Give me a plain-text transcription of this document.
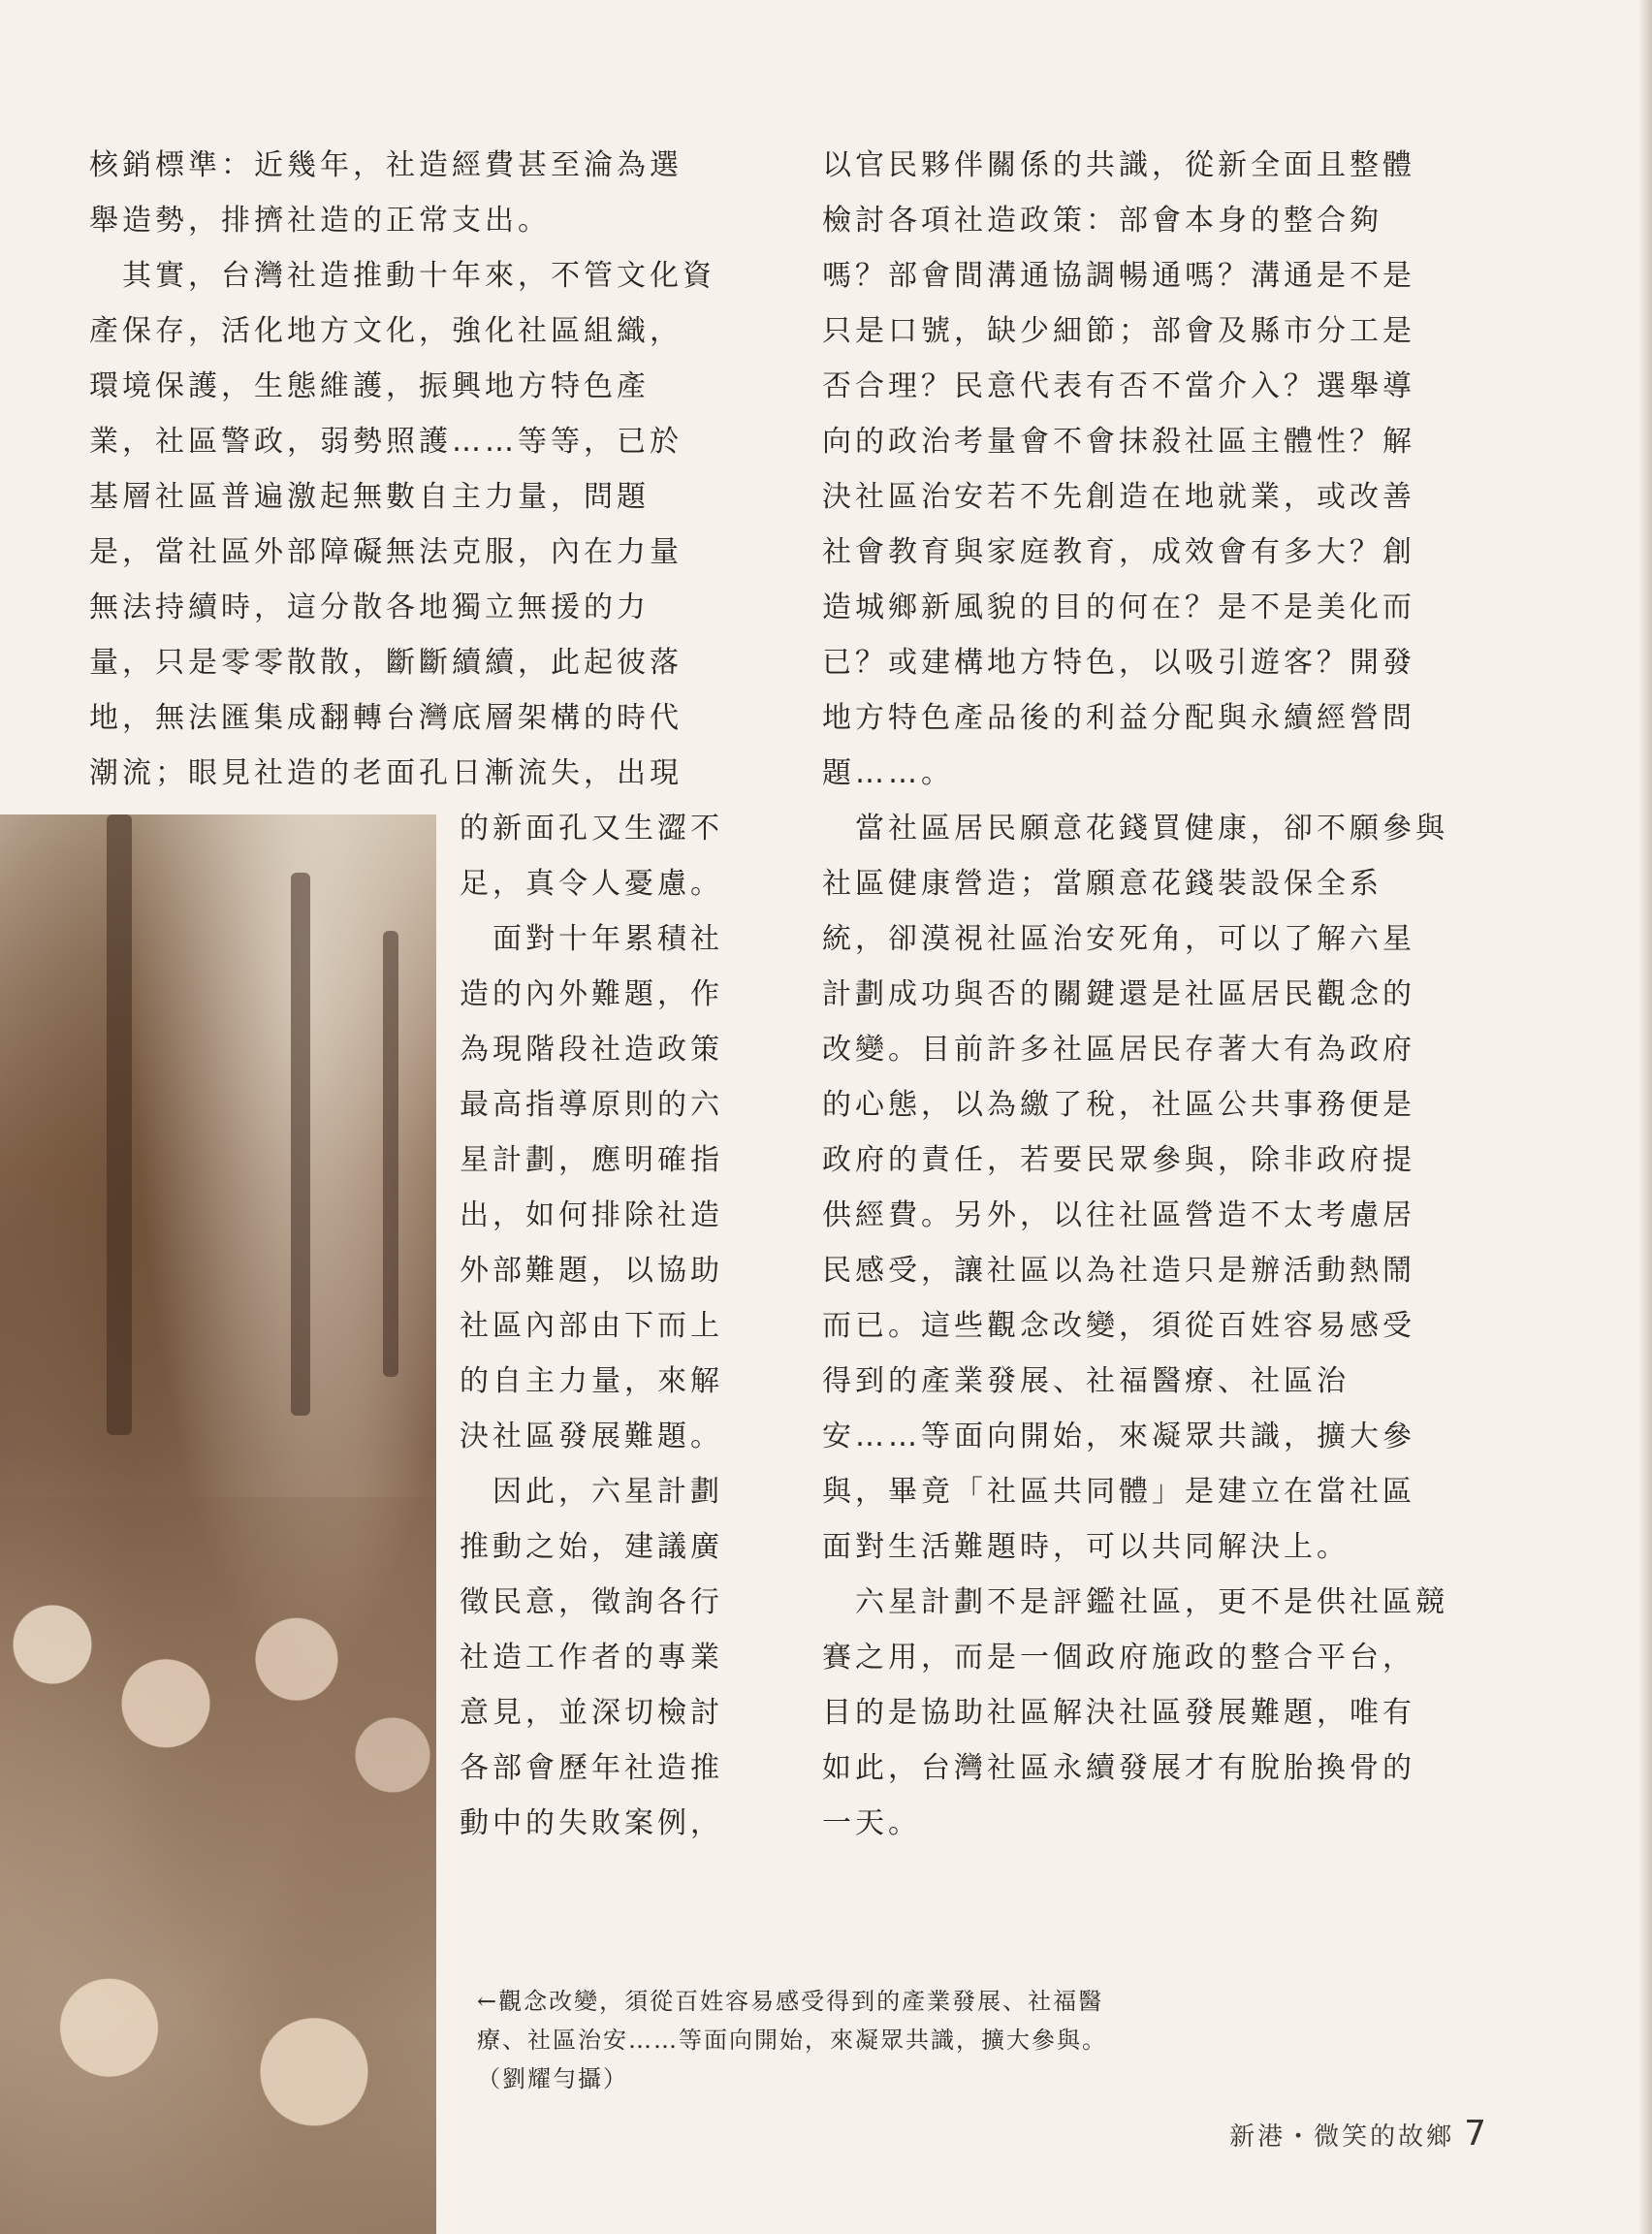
核銷標準：近幾年，社造經費甚至淪為選
舉造勢，排擠社造的正常支出。
　其實，台灣社造推動十年來，不管文化資
產保存，活化地方文化，強化社區組織，
環境保護，生態維護，振興地方特色產
業，社區警政，弱勢照護……等等，已於
基層社區普遍激起無數自主力量，問題
是，當社區外部障礙無法克服，內在力量
無法持續時，這分散各地獨立無援的力
量，只是零零散散，斷斷續續，此起彼落
地，無法匯集成翻轉台灣底層架構的時代
潮流；眼見社造的老面孔日漸流失，出現

的新面孔又生澀不
足，真令人憂慮。
　面對十年累積社
造的內外難題，作
為現階段社造政策
最高指導原則的六
星計劃，應明確指
出，如何排除社造
外部難題，以協助
社區內部由下而上
的自主力量，來解
決社區發展難題。
　因此，六星計劃
推動之始，建議廣
徵民意，徵詢各行
社造工作者的專業
意見，並深切檢討
各部會歷年社造推
動中的失敗案例，

以官民夥伴關係的共識，從新全面且整體
檢討各項社造政策：部會本身的整合夠
嗎？部會間溝通協調暢通嗎？溝通是不是
只是口號，缺少細節；部會及縣市分工是
否合理？民意代表有否不當介入？選舉導
向的政治考量會不會抹殺社區主體性？解
決社區治安若不先創造在地就業，或改善
社會教育與家庭教育，成效會有多大？創
造城鄉新風貌的目的何在？是不是美化而
已？或建構地方特色，以吸引遊客？開發
地方特色產品後的利益分配與永續經營問
題……。
　當社區居民願意花錢買健康，卻不願參與
社區健康營造；當願意花錢裝設保全系
統，卻漠視社區治安死角，可以了解六星
計劃成功與否的關鍵還是社區居民觀念的
改變。目前許多社區居民存著大有為政府
的心態，以為繳了稅，社區公共事務便是
政府的責任，若要民眾參與，除非政府提
供經費。另外，以往社區營造不太考慮居
民感受，讓社區以為社造只是辦活動熱鬧
而已。這些觀念改變，須從百姓容易感受
得到的產業發展、社福醫療、社區治
安……等面向開始，來凝眾共識，擴大參
與，畢竟「社區共同體」是建立在當社區
面對生活難題時，可以共同解決上。
　六星計劃不是評鑑社區，更不是供社區競
賽之用，而是一個政府施政的整合平台，
目的是協助社區解決社區發展難題，唯有
如此，台灣社區永續發展才有脫胎換骨的
一天。

←觀念改變，須從百姓容易感受得到的產業發展、社福醫
療、社區治安……等面向開始，來凝眾共識，擴大參與。

（劉耀勻攝）

新港・微笑的故鄉 7
